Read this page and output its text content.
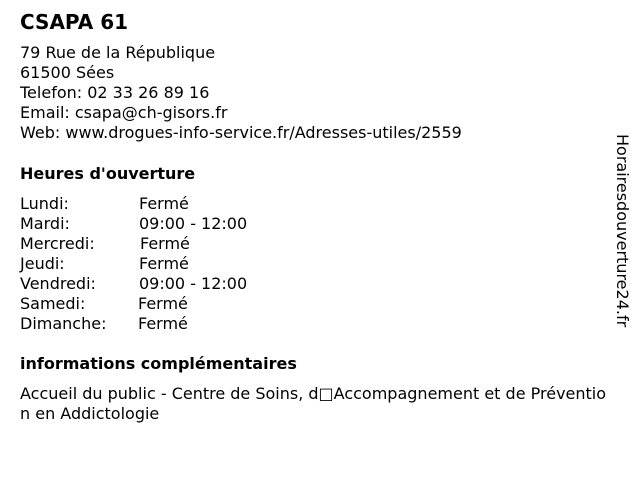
CSAPA 61
79 Rue de la République
61500 Sées
Telefon: 02 33 26 89 16
Email: csapa@ch-gisors.fr
Web: www.drogues-info-service.fr/Adresses-utiles/2559
Heures d'ouverture
Lundi:	Fermé
Mardi:	09:00 - 12:00
Mercredi:	Fermé
Jeudi:	Fermé
Vendredi:	09:00 - 12:00
Samedi:	Fermé
Dimanche: Fermé
informations complémentaires
Accueil du public - Centre de Soins, d□Accompagnement et de Prévention en Addictologie
Horairesdouverture24.fr
